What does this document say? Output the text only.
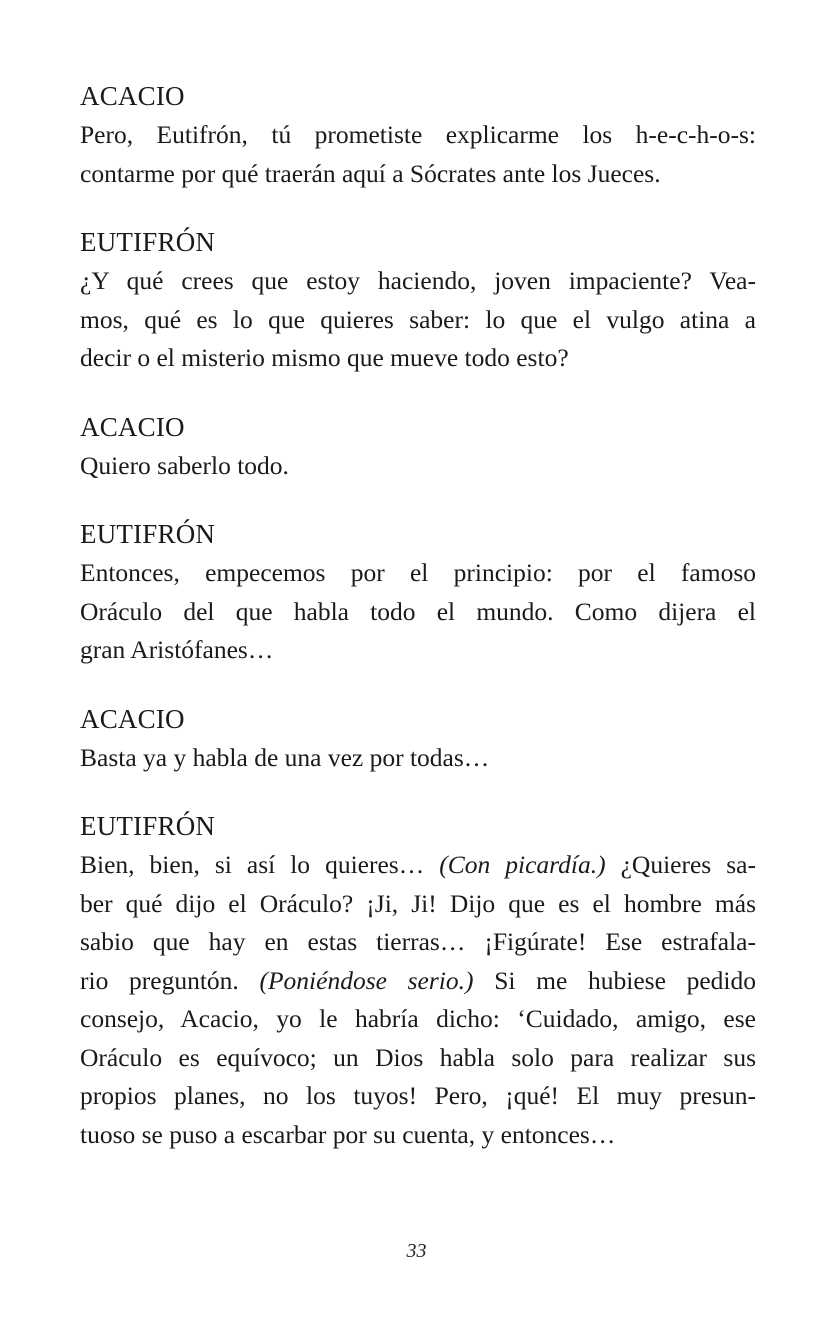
ACACIO
Pero, Eutifrón, tú prometiste explicarme los h-e-c-h-o-s:
contarme por qué traerán aquí a Sócrates ante los Jueces.
EUTIFRÓN
¿Y qué crees que estoy haciendo, joven impaciente? Vea-
mos, qué es lo que quieres saber: lo que el vulgo atina a
decir o el misterio mismo que mueve todo esto?
ACACIO
Quiero saberlo todo.
EUTIFRÓN
Entonces, empecemos por el principio: por el famoso
Oráculo del que habla todo el mundo. Como dijera el
gran Aristófanes…
ACACIO
Basta ya y habla de una vez por todas…
EUTIFRÓN
Bien, bien, si así lo quieres… (Con picardía.) ¿Quieres sa-
ber qué dijo el Oráculo? ¡Ji, Ji! Dijo que es el hombre más
sabio que hay en estas tierras… ¡Figúrate! Ese estrafala-
rio preguntón. (Poniéndose serio.) Si me hubiese pedido
consejo, Acacio, yo le habría dicho: ‘Cuidado, amigo, ese
Oráculo es equívoco; un Dios habla solo para realizar sus
propios planes, no los tuyos! Pero, ¡qué! El muy presun-
tuoso se puso a escarbar por su cuenta, y entonces…
33
